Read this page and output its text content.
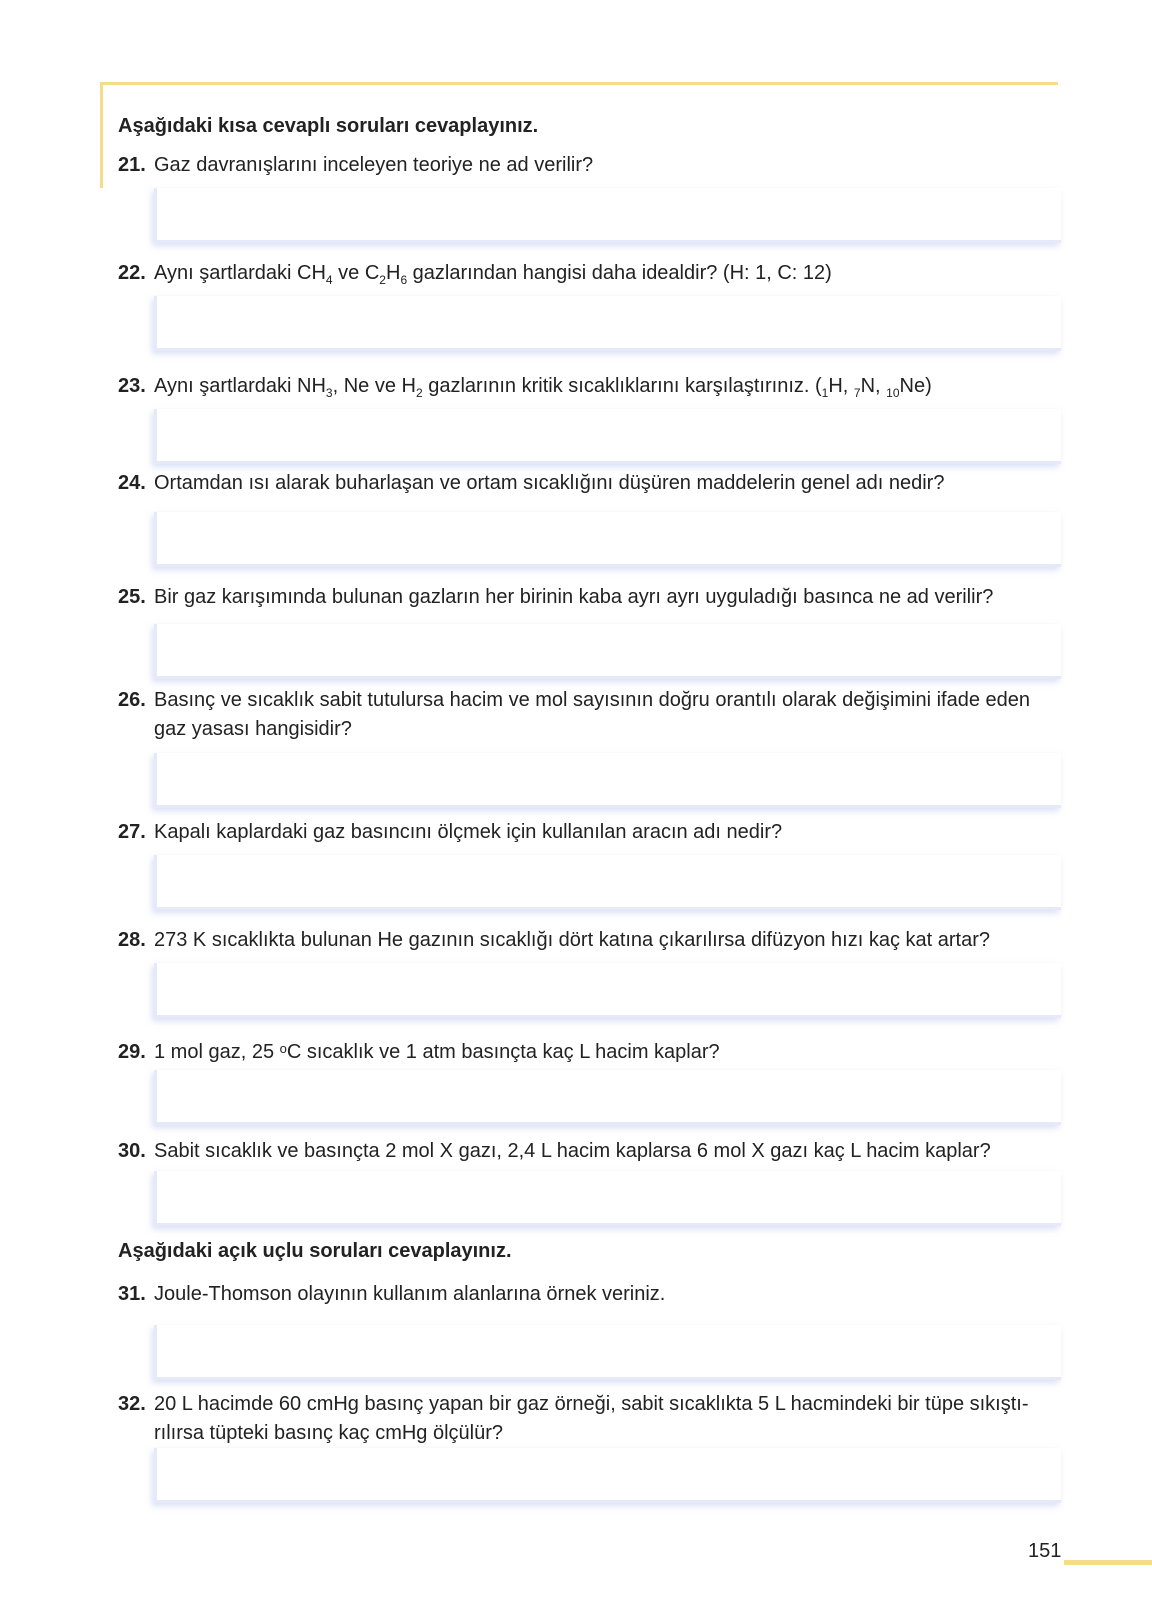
Aşağıdaki kısa cevaplı soruları cevaplayınız.
21. Gaz davranışlarını inceleyen teoriye ne ad verilir?
22. Aynı şartlardaki $CH_4$ ve $C_2H_6$ gazlarından hangisi daha idealdir? (H: 1, C: 12)
23. Aynı şartlardaki $NH_3$, Ne ve $H_2$ gazlarının kritik sıcaklıklarını karşılaştırınız. ($_1H$, $_7$N, $_{10}$Ne)
24. Ortamdan ısı alarak buharlaşan ve ortam sıcaklığını düşüren maddelerin genel adı nedir?
25. Bir gaz karışımında bulunan gazların her birinin kaba ayrı ayrı uyguladığı basınca ne ad verilir?
26. Basınç ve sıcaklık sabit tutulursa hacim ve mol sayısının doğru orantılı olarak değişimini ifade eden
gaz yasası hangisidir?
27. Kapalı kaplardaki gaz basıncını ölçmek için kullanılan aracın adı nedir?
28. 273 K sıcaklıkta bulunan He gazının sıcaklığı dört katına çıkarılırsa difüzyon hızı kaç kat artar?
29. 1 mol gaz, 25 $^o$C sıcaklık ve 1 atm basınçta kaç L hacim kaplar?
30. Sabit sıcaklık ve basınçta 2 mol X gazı, 2,4 L hacim kaplarsa 6 mol X gazı kaç L hacim kaplar?
Aşağıdaki açık uçlu soruları cevaplayınız.
31. Joule-Thomson olayının kullanım alanlarına örnek veriniz.
32. 20 L hacimde 60 cmHg basınç yapan bir gaz örneği, sabit sıcaklıkta 5 L hacmindeki bir tüpe sıkıştı-
rılırsa tüpteki basınç kaç cmHg ölçülür?
151
